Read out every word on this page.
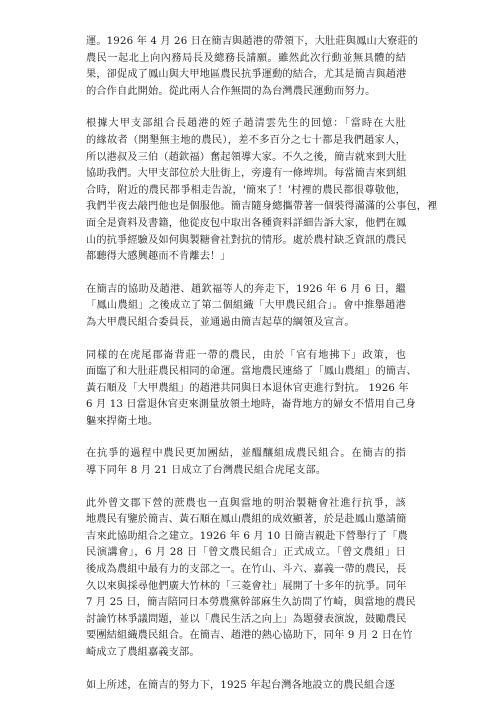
運。1926 年 4 月 26 日在簡吉與趙港的帶領下，大肚莊與鳳山大寮莊的
農民一起北上向內務局長及總務長請願。雖然此次行動並無具體的結
果，卻促成了鳳山與大甲地區農民抗爭運動的結合，尤其是簡吉與趙港
的合作自此開始。從此兩人合作無間的為台灣農民運動而努力。

根據大甲支部組合長趙港的姪子趙清雲先生的回憶：「當時在大肚
的緣故者（開墾無主地的農民），差不多百分之七十都是我們趙家人，
所以港叔及三伯（趙欽福）奮起領導大家。不久之後，簡吉就來到大肚
協助我們。大甲支部位於大肚街上，旁邊有一條埤圳。每當簡吉來到組
合時，附近的農民都爭相走告說，'簡來了！'村裡的農民都很尊敬他，
我們半夜去敲門他也是個服他。簡吉隨身總攜帶著一個裝得滿滿的公事包，裡
面全是資料及書籍，他從皮包中取出各種資料詳細告訴大家，他們在鳳
山的抗爭經驗及如何與製糖會社對抗的情形。處於農村缺乏資訊的農民
都聽得大感興趣而不肯離去！」

在簡吉的協助及趙港、趙欽福等人的奔走下，1926 年 6 月 6 日，繼
「鳳山農組」之後成立了第二個組織「大甲農民組合」。會中推舉趙港
為大甲農民組合委員長，並通過由簡吉起草的綱領及宣言。

同樣的在虎尾郡崙背莊一帶的農民，由於「官有地拂下」政策，也
面臨了和大肚莊農民相同的命運。當地農民連絡了「鳳山農組」的簡吉、
黃石順及「大甲農組」的趙港共同與日本退休官吏進行對抗。 1926 年
6 月 13 日當退休官吏來測量放領土地時，崙背地方的婦女不惜用自己身
軀來捍衛土地。

在抗爭的過程中農民更加團結，並醞釀組成農民組合。在簡吉的指
導下同年 8 月 21 日成立了台灣農民組合虎尾支部。

此外曾文郡下營的蔗農也一直與當地的明治製糖會社進行抗爭，該
地農民有鑒於簡吉、黃石順在鳳山農組的成效顯著，於是赴鳳山邀請簡
吉來此協助組合之建立。1926 年 6 月 10 日簡吉親赴下營舉行了「農
民演講會」，6 月 28 日「曾文農民組合」正式成立。「曾文農組」日
後成為農組中最有力的支部之一。在竹山、斗六、嘉義一帶的農民，長
久以來與採尋他們廣大竹林的「三菱會社」展開了十多年的抗爭。同年
7 月 25 日，簡吉陪同日本勞農黨幹部麻生久訪問了竹崎，與當地的農民
討論竹林爭議問題，並以「農民生活之向上」為題發表演說，鼓勵農民
要團結組織農民組合。在簡吉、趙港的熱心協助下，同年 9 月 2 日在竹
崎成立了農組嘉義支部。

如上所述，在簡吉的努力下，1925 年起台灣各地設立的農民組合逐
